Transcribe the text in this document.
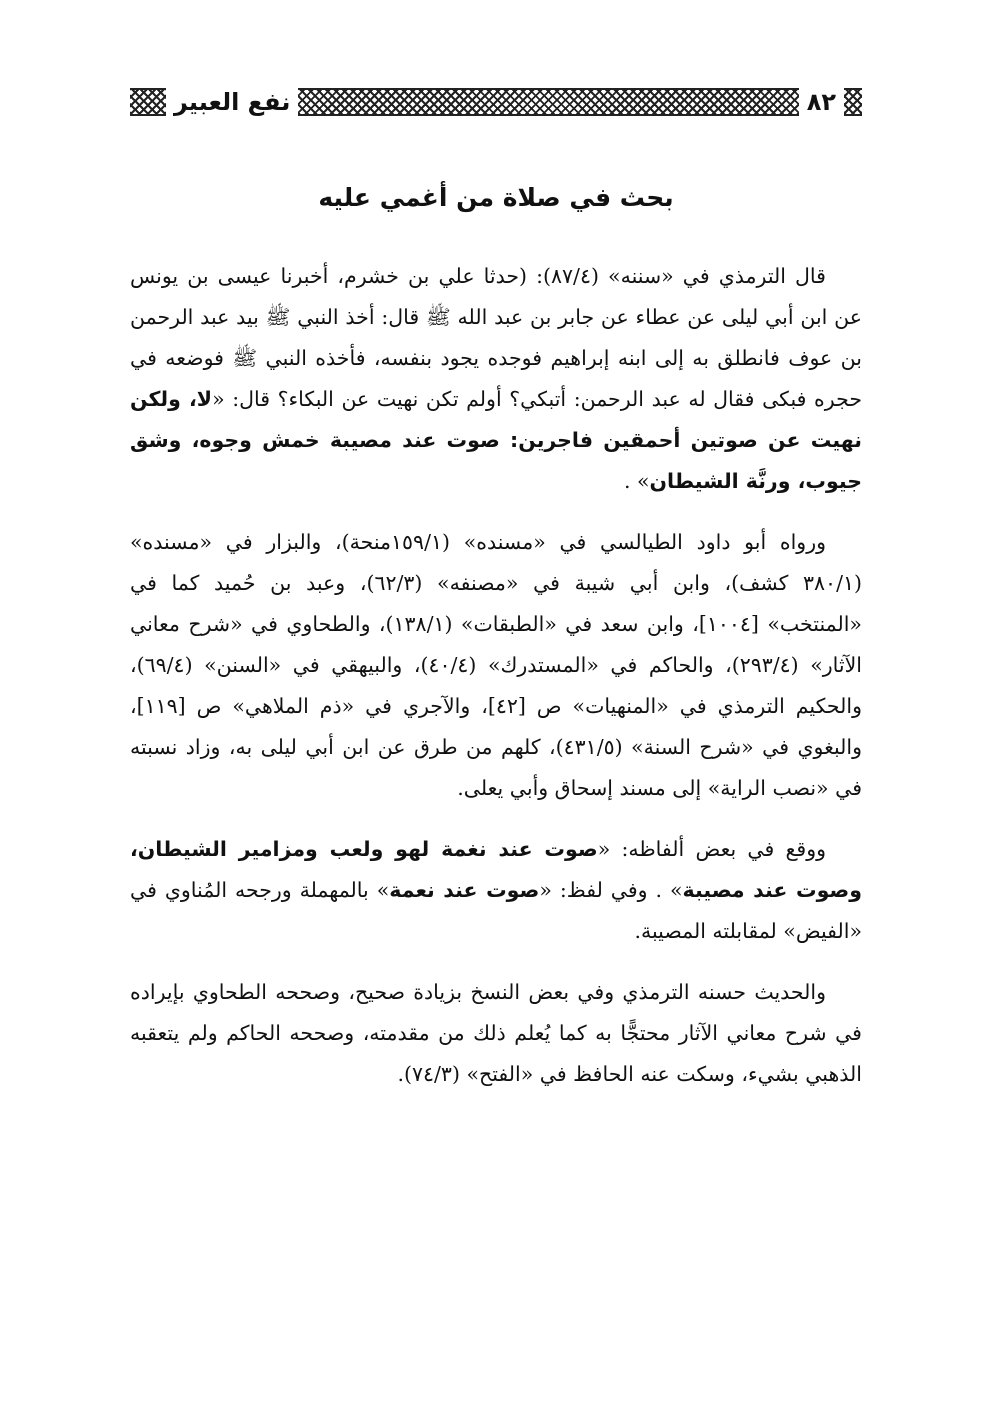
٨٢
نفع العبير
بحث في صلاة من أغمي عليه

قال الترمذي في «سننه» (٨٧/٤): (حدثا علي بن خشرم، أخبرنا عيسى بن يونس عن ابن أبي ليلى عن عطاء عن جابر بن عبد الله ﷺ قال: أخذ النبي ﷺ بيد عبد الرحمن بن عوف فانطلق به إلى ابنه إبراهيم فوجده يجود بنفسه، فأخذه النبي ﷺ فوضعه في حجره فبكى فقال له عبد الرحمن: أتبكي؟ أولم تكن نهيت عن البكاء؟ قال: «لا، ولكن نهيت عن صوتين أحمقين فاجرين: صوت عند مصيبة خمش وجوه، وشق جيوب، ورنَّة الشيطان» .

ورواه أبو داود الطيالسي في «مسنده» (١٥٩/١منحة)، والبزار في «مسنده» (٣٨٠/١ كشف)، وابن أبي شيبة في «مصنفه» (٦٢/٣)، وعبد بن حُميد كما في «المنتخب» [١٠٠٤]، وابن سعد في «الطبقات» (١٣٨/١)، والطحاوي في «شرح معاني الآثار» (٢٩٣/٤)، والحاكم في «المستدرك» (٤٠/٤)، والبيهقي في «السنن» (٦٩/٤)، والحكيم الترمذي في «المنهيات» ص [٤٢]، والآجري في «ذم الملاهي» ص [١١٩]، والبغوي في «شرح السنة» (٤٣١/٥)، كلهم من طرق عن ابن أبي ليلى به، وزاد نسبته في «نصب الراية» إلى مسند إسحاق وأبي يعلى.

ووقع في بعض ألفاظه: «صوت عند نغمة لهو ولعب ومزامير الشيطان، وصوت عند مصيبة» . وفي لفظ: «صوت عند نعمة» بالمهملة ورجحه المُناوي في «الفيض» لمقابلته المصيبة.

والحديث حسنه الترمذي وفي بعض النسخ بزيادة صحيح، وصححه الطحاوي بإيراده في شرح معاني الآثار محتجًّا به كما يُعلم ذلك من مقدمته، وصححه الحاكم ولم يتعقبه الذهبي بشيء، وسكت عنه الحافظ في «الفتح» (٧٤/٣).
